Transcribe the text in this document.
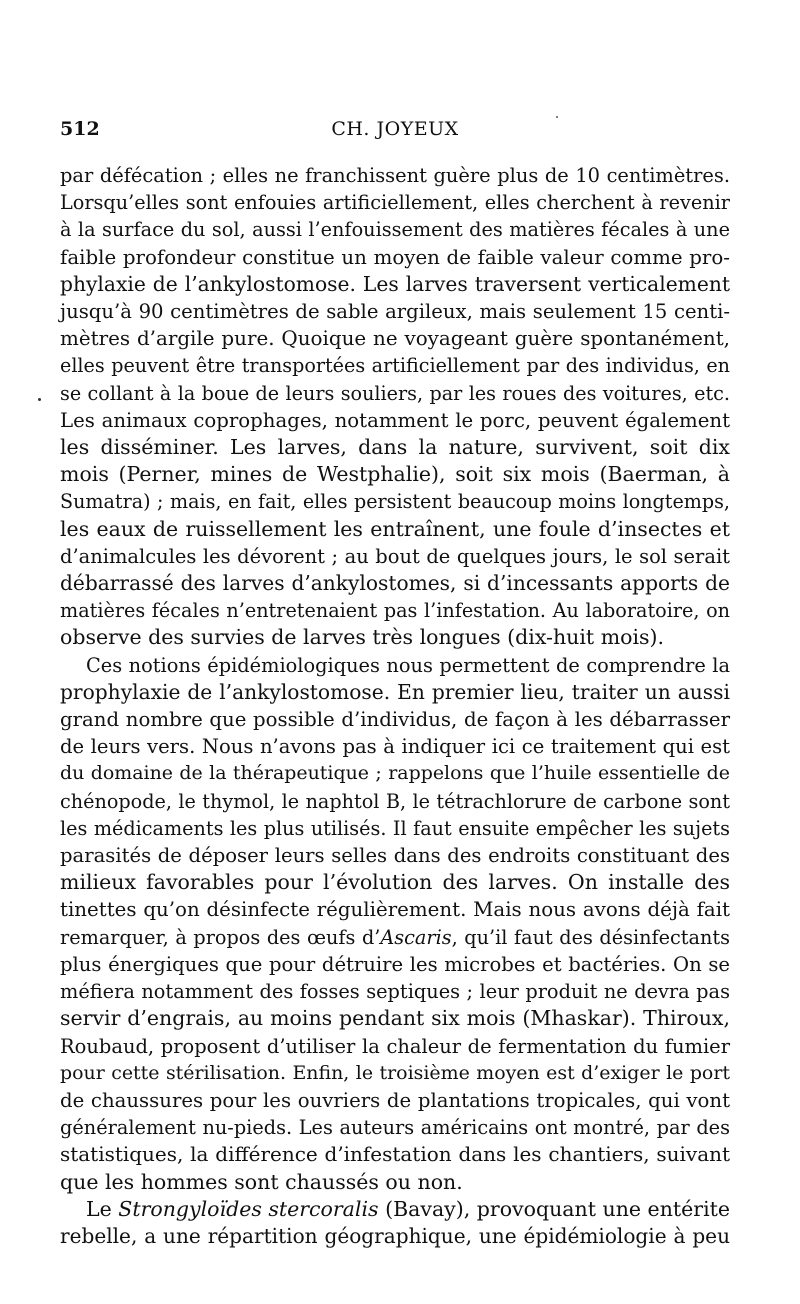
512	CH. JOYEUX

par défécation ; elles ne franchissent guère plus de 10 centimètres.
Lorsqu’elles sont enfouies artificiellement, elles cherchent à revenir
à la surface du sol, aussi l’enfouissement des matières fécales à une
faible profondeur constitue un moyen de faible valeur comme pro-
phylaxie de l’ankylostomose. Les larves traversent verticalement
jusqu’à 90 centimètres de sable argileux, mais seulement 15 centi-
mètres d’argile pure. Quoique ne voyageant guère spontanément,
elles peuvent être transportées artificiellement par des individus, en
se collant à la boue de leurs souliers, par les roues des voitures, etc.
Les animaux coprophages, notamment le porc, peuvent également
les disséminer. Les larves, dans la nature, survivent, soit dix
mois (Perner, mines de Westphalie), soit six mois (Baerman, à
Sumatra) ; mais, en fait, elles persistent beaucoup moins longtemps,
les eaux de ruissellement les entraînent, une foule d’insectes et
d’animalcules les dévorent ; au bout de quelques jours, le sol serait
débarrassé des larves d’ankylostomes, si d’incessants apports de
matières fécales n’entretenaient pas l’infestation. Au laboratoire, on
observe des survies de larves très longues (dix-huit mois).

Ces notions épidémiologiques nous permettent de comprendre la
prophylaxie de l’ankylostomose. En premier lieu, traiter un aussi
grand nombre que possible d’individus, de façon à les débarrasser
de leurs vers. Nous n’avons pas à indiquer ici ce traitement qui est
du domaine de la thérapeutique ; rappelons que l’huile essentielle de
chénopode, le thymol, le naphtol B, le tétrachlorure de carbone sont
les médicaments les plus utilisés. Il faut ensuite empêcher les sujets
parasités de déposer leurs selles dans des endroits constituant des
milieux favorables pour l’évolution des larves. On installe des
tinettes qu’on désinfecte régulièrement. Mais nous avons déjà fait
remarquer, à propos des œufs d’Ascaris, qu’il faut des désinfectants
plus énergiques que pour détruire les microbes et bactéries. On se
méfiera notamment des fosses septiques ; leur produit ne devra pas
servir d’engrais, au moins pendant six mois (Mhaskar). Thiroux,
Roubaud, proposent d’utiliser la chaleur de fermentation du fumier
pour cette stérilisation. Enfin, le troisième moyen est d’exiger le port
de chaussures pour les ouvriers de plantations tropicales, qui vont
généralement nu-pieds. Les auteurs américains ont montré, par des
statistiques, la différence d’infestation dans les chantiers, suivant
que les hommes sont chaussés ou non.

Le Strongyloïdes stercoralis (Bavay), provoquant une entérite
rebelle, a une répartition géographique, une épidémiologie à peu
